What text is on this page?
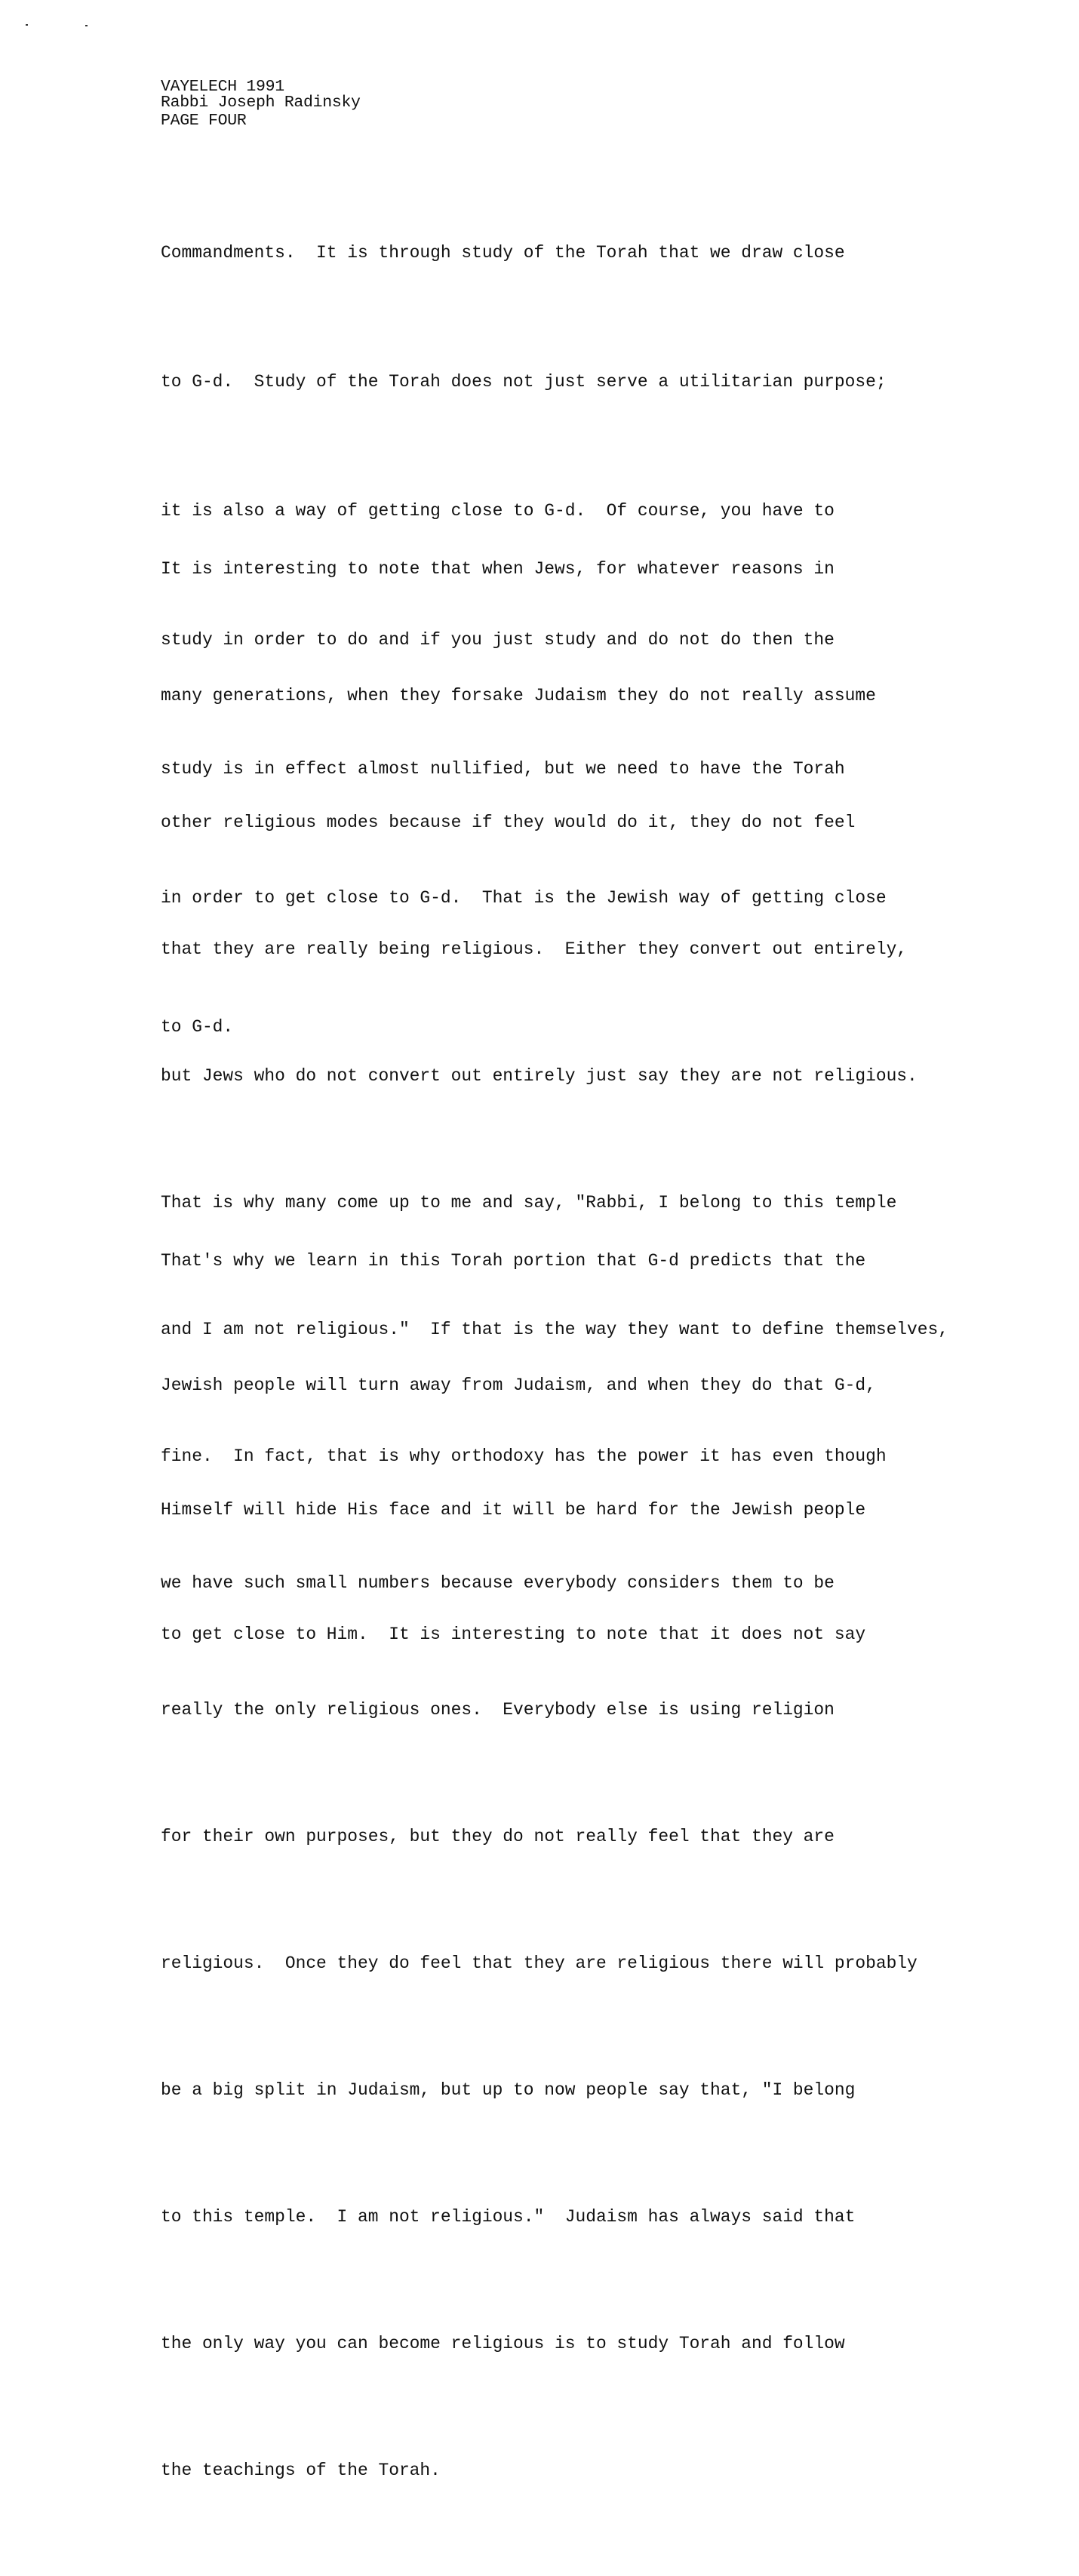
VAYELECH 1991
Rabbi Joseph Radinsky
PAGE FOUR

Commandments.  It is through study of the Torah that we draw close

to G-d.  Study of the Torah does not just serve a utilitarian purpose;

it is also a way of getting close to G-d.  Of course, you have to

study in order to do and if you just study and do not do then the

study is in effect almost nullified, but we need to have the Torah

in order to get close to G-d.  That is the Jewish way of getting close

to G-d.

It is interesting to note that when Jews, for whatever reasons in

many generations, when they forsake Judaism they do not really assume

other religious modes because if they would do it, they do not feel

that they are really being religious.  Either they convert out entirely,

but Jews who do not convert out entirely just say they are not religious.

That is why many come up to me and say, "Rabbi, I belong to this temple

and I am not religious."  If that is the way they want to define themselves,

fine.  In fact, that is why orthodoxy has the power it has even though

we have such small numbers because everybody considers them to be

really the only religious ones.  Everybody else is using religion

for their own purposes, but they do not really feel that they are

religious.  Once they do feel that they are religious there will probably

be a big split in Judaism, but up to now people say that, "I belong

to this temple.  I am not religious."  Judaism has always said that

the only way you can become religious is to study Torah and follow

the teachings of the Torah.

That's why we learn in this Torah portion that G-d predicts that the

Jewish people will turn away from Judaism, and when they do that G-d,

Himself will hide His face and it will be hard for the Jewish people

to get close to Him.  It is interesting to note that it does not say
